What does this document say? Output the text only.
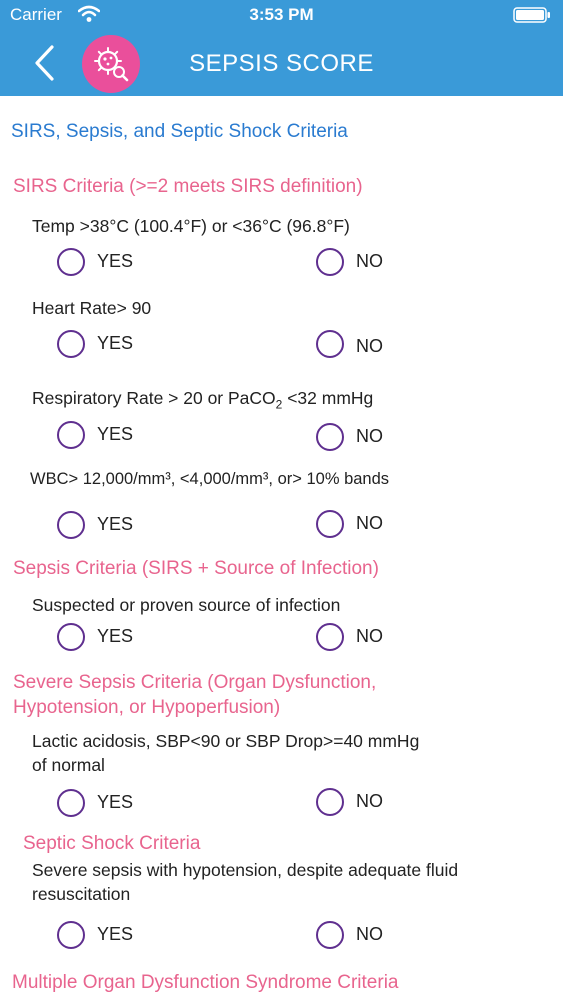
Carrier	3:53 PM
SEPSIS SCORE
SIRS, Sepsis, and Septic Shock Criteria
SIRS Criteria (>=2 meets SIRS definition)
Temp >38°C (100.4°F) or <36°C (96.8°F)
YES	NO
Heart Rate> 90
YES	NO
Respiratory Rate > 20 or PaCO$_2$ <32 mmHg
YES	NO
WBC> 12,000/mm³, <4,000/mm³, or> 10% bands
YES	NO
Sepsis Criteria (SIRS + Source of Infection)
Suspected or proven source of infection
YES	NO
Severe Sepsis Criteria (Organ Dysfunction,
Hypotension, or Hypoperfusion)
Lactic acidosis, SBP<90 or SBP Drop>=40 mmHg
of normal
YES	NO
Septic Shock Criteria
Severe sepsis with hypotension, despite adequate fluid
resuscitation
YES	NO
Multiple Organ Dysfunction Syndrome Criteria
